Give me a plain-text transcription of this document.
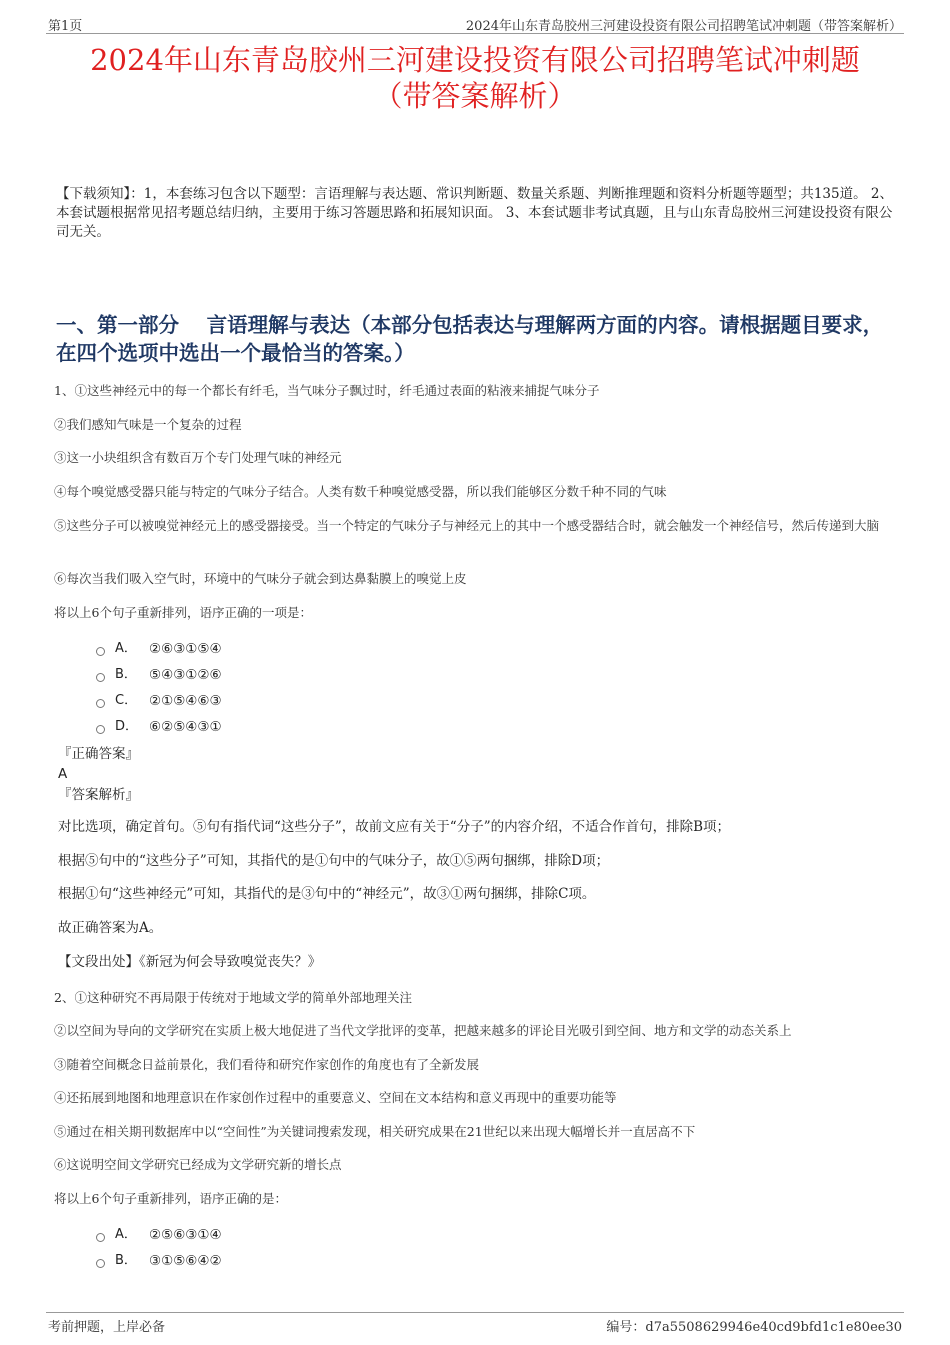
第1页	2024年山东青岛胶州三河建设投资有限公司招聘笔试冲刺题（带答案解析）
2024年山东青岛胶州三河建设投资有限公司招聘笔试冲刺题
（带答案解析）

【下载须知】：1，本套练习包含以下题型：言语理解与表达题、常识判断题、数量关系题、判断推理题和资料分析题等题型；共135道。 2、本套试题根据常见招考题总结归纳，主要用于练习答题思路和拓展知识面。 3、本套试题非考试真题，且与山东青岛胶州三河建设投资有限公司无关。

一、第一部分　 言语理解与表达（本部分包括表达与理解两方面的内容。请根据题目要求，在四个选项中选出一个最恰当的答案。）

1、①这些神经元中的每一个都长有纤毛，当气味分子飘过时，纤毛通过表面的粘液来捕捉气味分子

②我们感知气味是一个复杂的过程

③这一小块组织含有数百万个专门处理气味的神经元

④每个嗅觉感受器只能与特定的气味分子结合。人类有数千种嗅觉感受器，所以我们能够区分数千种不同的气味

⑤这些分子可以被嗅觉神经元上的感受器接受。当一个特定的气味分子与神经元上的其中一个感受器结合时，就会触发一个神经信号，然后传递到大脑

⑥每次当我们吸入空气时，环境中的气味分子就会到达鼻黏膜上的嗅觉上皮

将以上6个句子重新排列，语序正确的一项是：

A． ②⑥③①⑤④
B． ⑤④③①②⑥
C． ②①⑤④⑥③
D． ⑥②⑤④③①
『正确答案』
A
『答案解析』

对比选项，确定首句。⑤句有指代词“这些分子”，故前文应有关于“分子”的内容介绍，不适合作首句，排除B项；

根据⑤句中的“这些分子”可知，其指代的是①句中的气味分子，故①⑤两句捆绑，排除D项；

根据①句“这些神经元”可知，其指代的是③句中的“神经元”，故③①两句捆绑，排除C项。

故正确答案为A。

【文段出处】《新冠为何会导致嗅觉丧失？》

2、①这种研究不再局限于传统对于地域文学的简单外部地理关注

②以空间为导向的文学研究在实质上极大地促进了当代文学批评的变革，把越来越多的评论目光吸引到空间、地方和文学的动态关系上

③随着空间概念日益前景化，我们看待和研究作家创作的角度也有了全新发展

④还拓展到地图和地理意识在作家创作过程中的重要意义、空间在文本结构和意义再现中的重要功能等

⑤通过在相关期刊数据库中以“空间性”为关键词搜索发现，相关研究成果在21世纪以来出现大幅增长并一直居高不下

⑥这说明空间文学研究已经成为文学研究新的增长点

将以上6个句子重新排列，语序正确的是：

A． ②⑤⑥③①④
B． ③①⑤⑥④②
考前押题，上岸必备	编号：d7a5508629946e40cd9bfd1c1e80ee30
